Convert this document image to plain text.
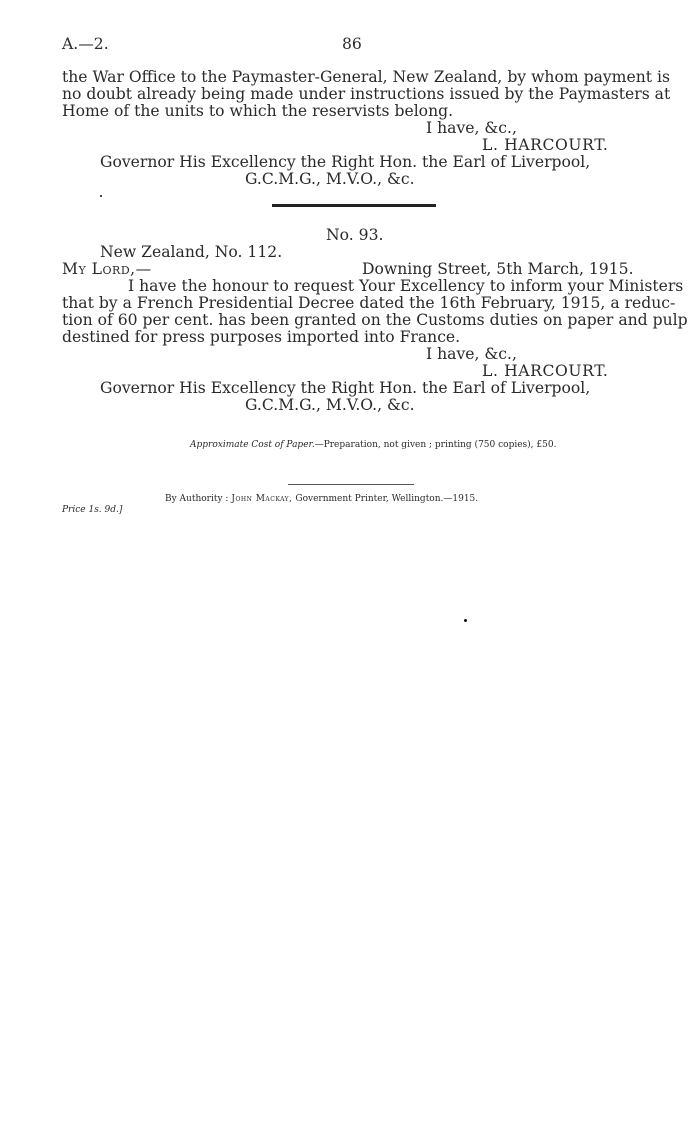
A.—2.	86
the War Office to the Paymaster-General, New Zealand, by whom payment is
no doubt already being made under instructions issued by the Paymasters at
Home of the units to which the reservists belong.
I have, &c.,
L. HARCOURT.
Governor His Excellency the Right Hon. the Earl of Liverpool,
G.C.M.G., M.V.O., &c.
No. 93.
New Zealand, No. 112.
My Lord,—	Downing Street, 5th March, 1915.
I have the honour to request Your Excellency to inform your Ministers
that by a French Presidential Decree dated the 16th February, 1915, a reduc-
tion of 60 per cent. has been granted on the Customs duties on paper and pulp
destined for press purposes imported into France.
I have, &c.,
L. HARCOURT.
Governor His Excellency the Right Hon. the Earl of Liverpool,
G.C.M.G., M.V.O., &c.
Approximate Cost of Paper.—Preparation, not given ; printing (750 copies), £50.
By Authority : John Mackay, Government Printer, Wellington.—1915.
Price 1s. 9d.]
